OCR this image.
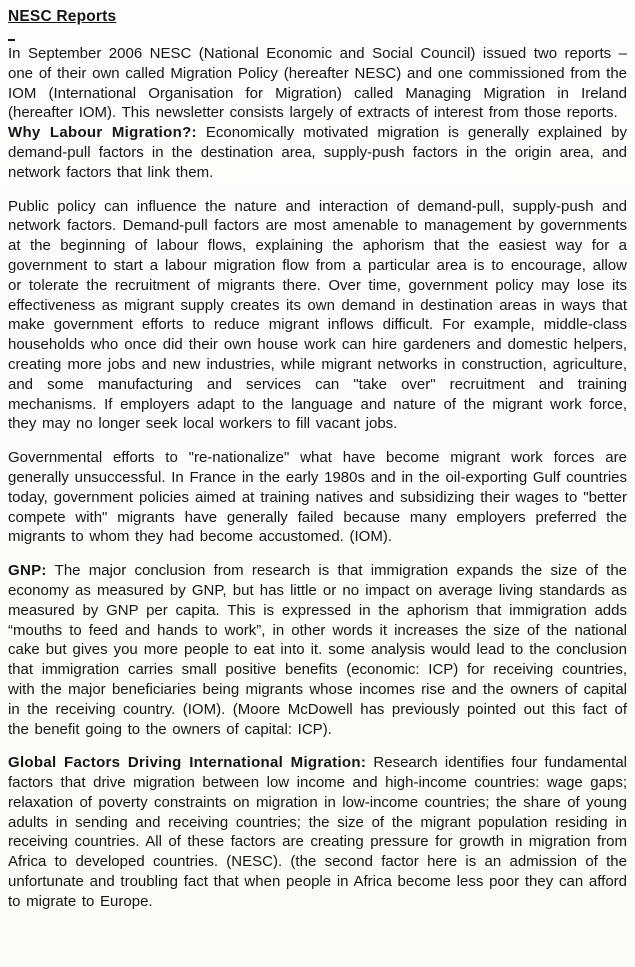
NESC Reports

In September 2006 NESC (National Economic and Social Council) issued two reports – one of their own called Migration Policy (hereafter NESC) and one commissioned from the IOM (International Organisation for Migration) called Managing Migration in Ireland (hereafter IOM). This newsletter consists largely of extracts of interest from those reports.

Why Labour Migration?: Economically motivated migration is generally explained by demand-pull factors in the destination area, supply-push factors in the origin area, and network factors that link them.

Public policy can influence the nature and interaction of demand-pull, supply-push and network factors. Demand-pull factors are most amenable to management by governments at the beginning of labour flows, explaining the aphorism that the easiest way for a government to start a labour migration flow from a particular area is to encourage, allow or tolerate the recruitment of migrants there. Over time, government policy may lose its effectiveness as migrant supply creates its own demand in destination areas in ways that make government efforts to reduce migrant inflows difficult. For example, middle-class households who once did their own house work can hire gardeners and domestic helpers, creating more jobs and new industries, while migrant networks in construction, agriculture, and some manufacturing and services can "take over" recruitment and training mechanisms. If employers adapt to the language and nature of the migrant work force, they may no longer seek local workers to fill vacant jobs.

Governmental efforts to "re-nationalize" what have become migrant work forces are generally unsuccessful. In France in the early 1980s and in the oil-exporting Gulf countries today, government policies aimed at training natives and subsidizing their wages to "better compete with" migrants have generally failed because many employers preferred the migrants to whom they had become accustomed. (IOM).

GNP: The major conclusion from research is that immigration expands the size of the economy as measured by GNP, but has little or no impact on average living standards as measured by GNP per capita. This is expressed in the aphorism that immigration adds “mouths to feed and hands to work”, in other words it increases the size of the national cake but gives you more people to eat into it. some analysis would lead to the conclusion that immigration carries small positive benefits (economic: ICP) for receiving countries, with the major beneficiaries being migrants whose incomes rise and the owners of capital in the receiving country. (IOM). (Moore McDowell has previously pointed out this fact of the benefit going to the owners of capital: ICP).

Global Factors Driving International Migration: Research identifies four fundamental factors that drive migration between low income and high-income countries: wage gaps; relaxation of poverty constraints on migration in low-income countries; the share of young adults in sending and receiving countries; the size of the migrant population residing in receiving countries. All of these factors are creating pressure for growth in migration from Africa to developed countries. (NESC). (the second factor here is an admission of the unfortunate and troubling fact that when people in Africa become less poor they can afford to migrate to Europe.
